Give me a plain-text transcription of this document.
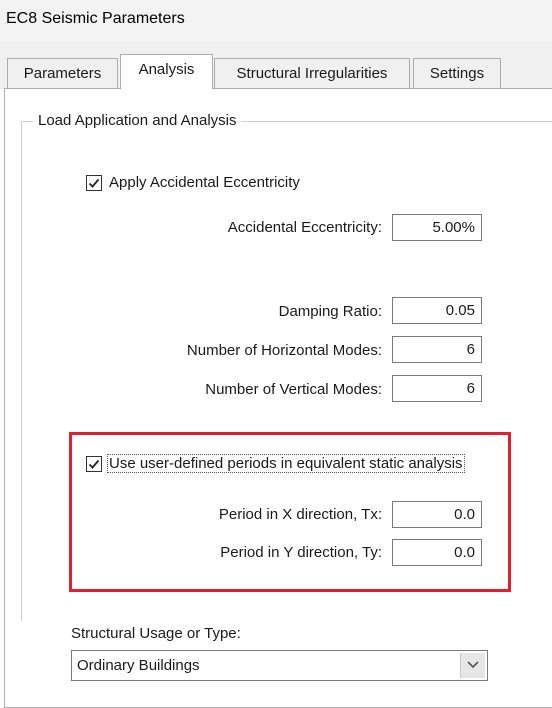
EC8 Seismic Parameters
Parameters	Analysis	Structural Irregularities	Settings
Load Application and Analysis
Apply Accidental Eccentricity
Accidental Eccentricity:	5.00%
Damping Ratio:	0.05
Number of Horizontal Modes:	6
Number of Vertical Modes:	6
Use user-defined periods in equivalent static analysis
Period in X direction, Tx:	0.0
Period in Y direction, Ty:	0.0
Structural Usage or Type:
Ordinary Buildings
